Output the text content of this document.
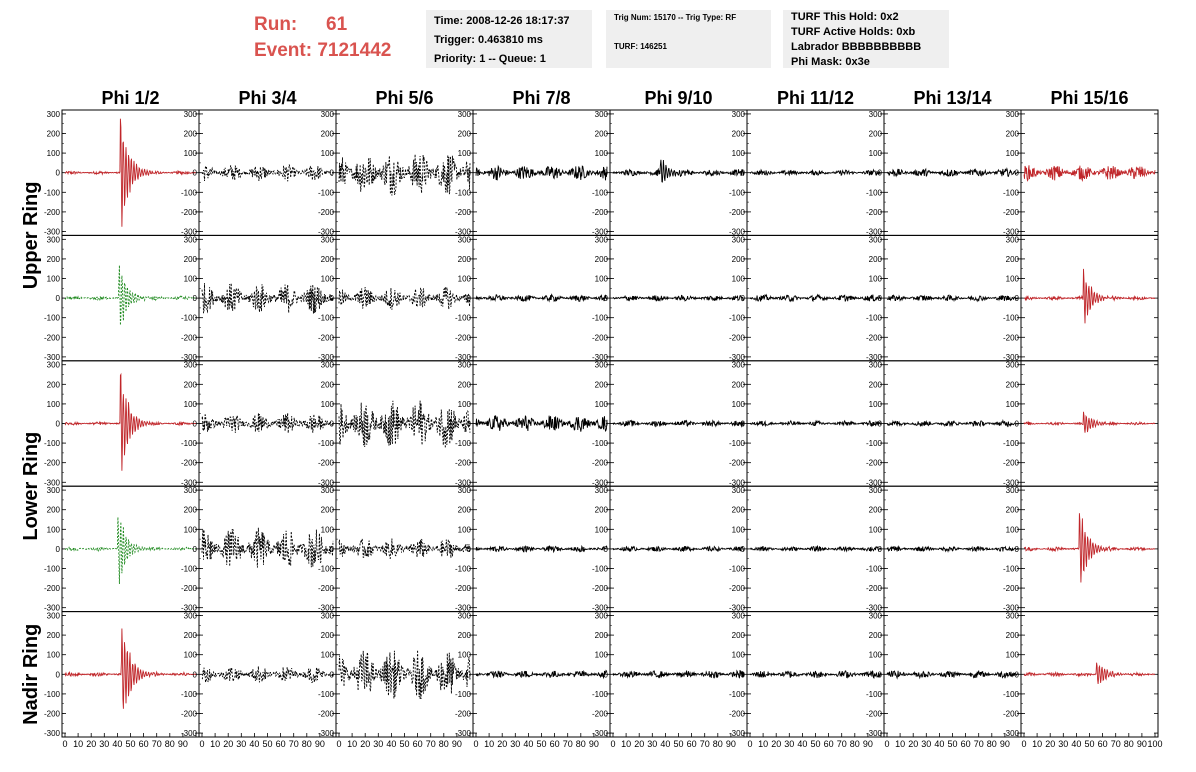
Run: 61
Event: 7121442
Time: 2008-12-26 18:17:37
Trigger: 0.463810 ms
Priority: 1 -- Queue: 1
Trig Num: 15170 -- Trig Type: RF
TURF: 146251
TURF This Hold: 0x2
TURF Active Holds: 0xb
Labrador BBBBBBBBBB
Phi Mask: 0x3e
Phi 1/2	Phi 3/4	Phi 5/6	Phi 7/8	Phi 9/10	Phi 11/12	Phi 13/14	Phi 15/16
Upper Ring
Lower Ring
Nadir Ring
-300
-200
-100
0
100
200
300
-300
-200
-100
0
100
200
300
-300
-200
-100
0
100
200
300
-300
-200
-100
0
100
200
300
-300
-200
-100
0
100
200
300
-300
-200
-100
0
100
200
300
-300
-200
-100
0
100
200
300
-300
-200
-100
0
100
200
300
-300
-200
-100
0
100
200
300
-300
-200
-100
0
100
200
300
-300
-200
-100
0
100
200
300
-300
-200
-100
0
100
200
300
-300
-200
-100
0
100
200
300
-300
-200
-100
0
100
200
300
-300
-200
-100
0
100
200
300
-300
-200
-100
0
100
200
300
-300
-200
-100
0
100
200
300
-300
-200
-100
0
100
200
300
-300
-200
-100
0
100
200
300
-300
-200
-100
0
100
200
300
-300
-200
-100
0
100
200
300
-300
-200
-100
0
100
200
300
-300
-200
-100
0
100
200
300
-300
-200
-100
0
100
200
300
-300
-200
-100
0
100
200
300
-300
-200
-100
0
100
200
300
-300
-200
-100
0
100
200
300
-300
-200
-100
0
100
200
300
-300
-200
-100
0
100
200
300
-300
-200
-100
0
100
200
300
-300
-200
-100
0
100
200
300
-300
-200
-100
0
100
200
300
-300
-200
-100
0
100
200
300
-300
-200
-100
0
100
200
300
-300
-200
-100
0
100
200
300
-300
-200
-100
0
100
200
300
-300
-200
-100
0
100
200
300
-300
-200
-100
0
100
200
300
-300
-200
-100
0
100
200
300
-300
-200
-100
0
100
200
300
0 10 20 30 40 50 60 70 80 90 0 10 20 30 40 50 60 70 80 90 0 10 20 30 40 50 60 70 80 90 0 10 20 30 40 50 60 70 80 90 0 10 20 30 40 50 60 70 80 90 0 10 20 30 40 50 60 70 80 90 0 10 20 30 40 50 60 70 80 90 0 10 20 30 40 50 60 70 80 90 100
